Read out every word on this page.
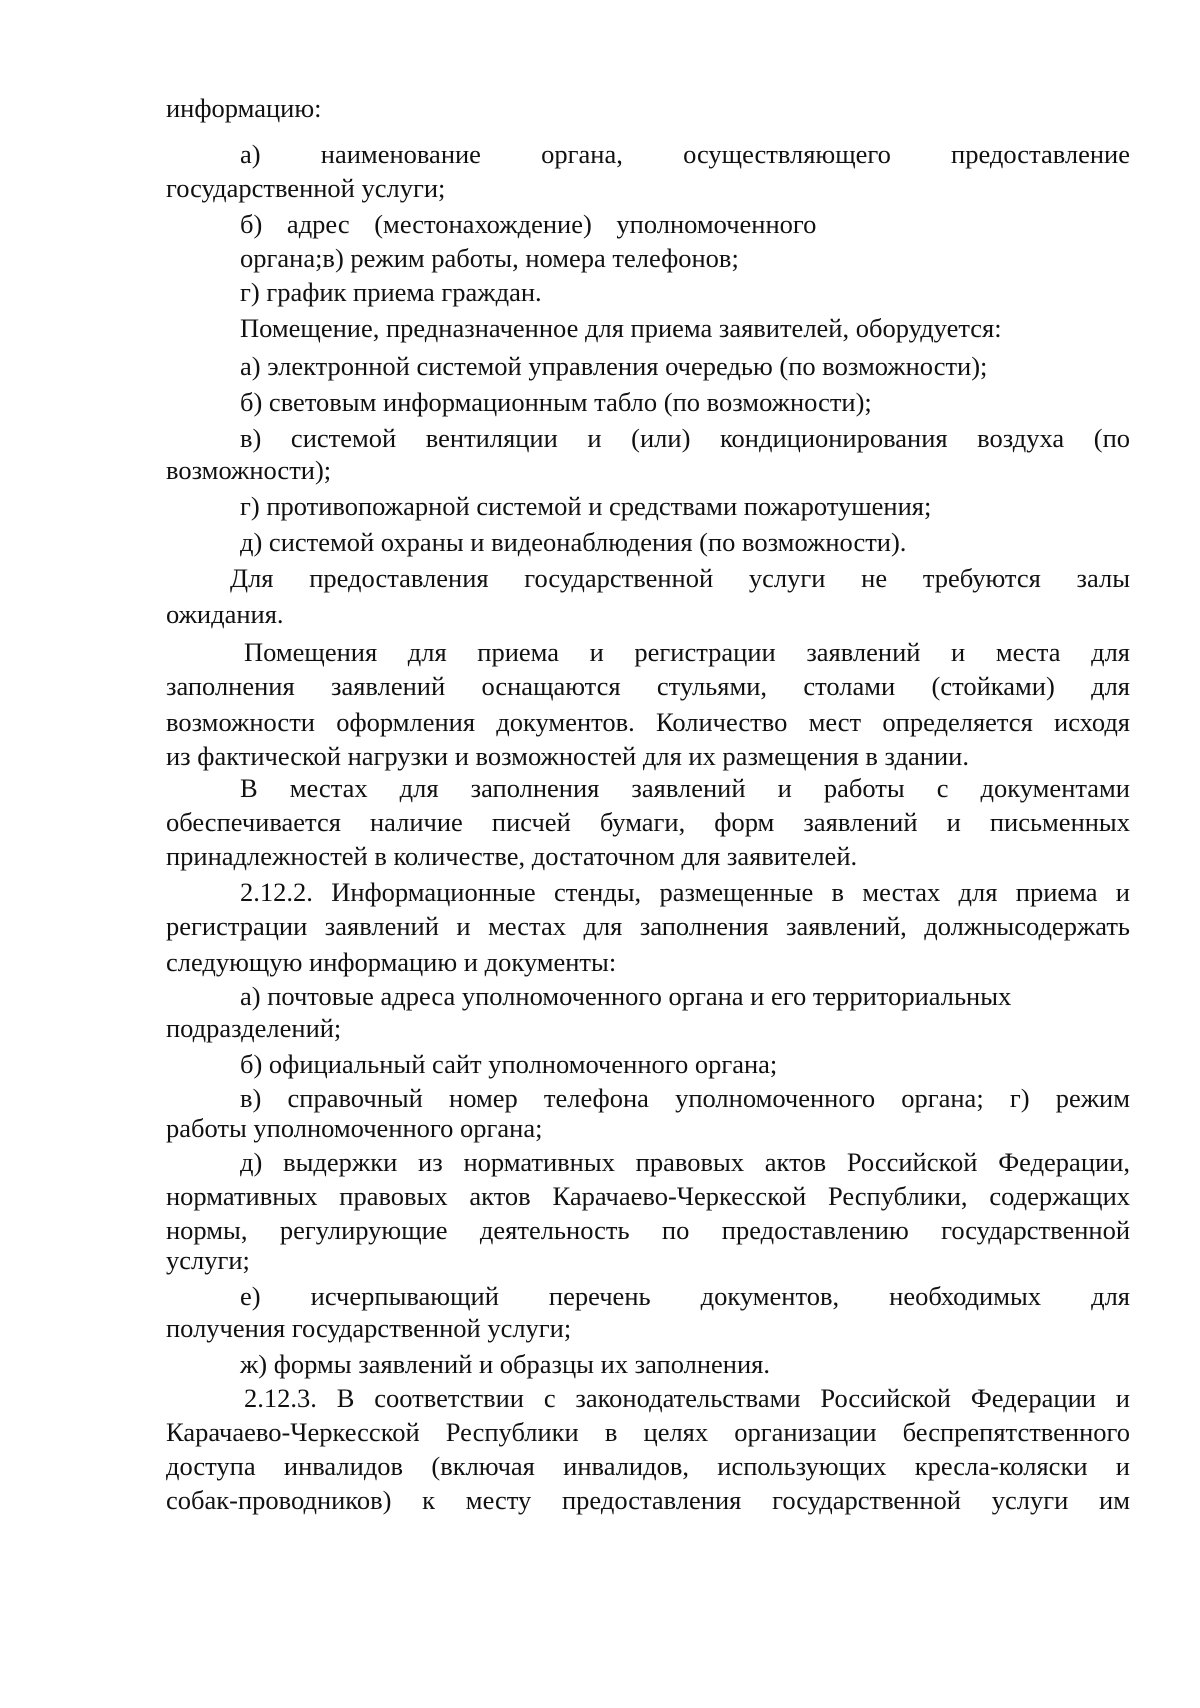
информацию:

а) наименование органа, осуществляющего предоставление

государственной услуги;

б) адрес (местонахождение) уполномоченного

органа;в) режим работы, номера телефонов;

г) график приема граждан.

Помещение, предназначенное для приема заявителей, оборудуется:

а) электронной системой управления очередью (по возможности);

б) световым информационным табло (по возможности);

в) системой вентиляции и (или) кондиционирования воздуха (по

возможности);

г) противопожарной системой и средствами пожаротушения;

д) системой охраны и видеонаблюдения (по возможности).

Для предоставления государственной услуги не требуются залы

ожидания.

Помещения для приема и регистрации заявлений и места для

заполнения заявлений оснащаются стульями, столами (стойками) для

возможности оформления документов. Количество мест определяется исходя

из фактической нагрузки и возможностей для их размещения в здании.

В местах для заполнения заявлений и работы с документами

обеспечивается наличие писчей бумаги, форм заявлений и письменных

принадлежностей в количестве, достаточном для заявителей.

2.12.2. Информационные стенды, размещенные в местах для приема и

регистрации заявлений и местах для заполнения заявлений, должнысодержать

следующую информацию и документы:

а) почтовые адреса уполномоченного органа и его территориальных

подразделений;

б) официальный сайт уполномоченного органа;

в) справочный номер телефона уполномоченного органа; г) режим

работы уполномоченного органа;

д) выдержки из нормативных правовых актов Российской Федерации,

нормативных правовых актов Карачаево-Черкесской Республики, содержащих

нормы, регулирующие деятельность по предоставлению государственной

услуги;

е) исчерпывающий перечень документов, необходимых для

получения государственной услуги;

ж) формы заявлений и образцы их заполнения.

2.12.3. В соответствии с законодательствами Российской Федерации и

Карачаево-Черкесской Республики в целях организации беспрепятственного

доступа инвалидов (включая инвалидов, использующих кресла-коляски и

собак-проводников) к месту предоставления государственной услуги им
